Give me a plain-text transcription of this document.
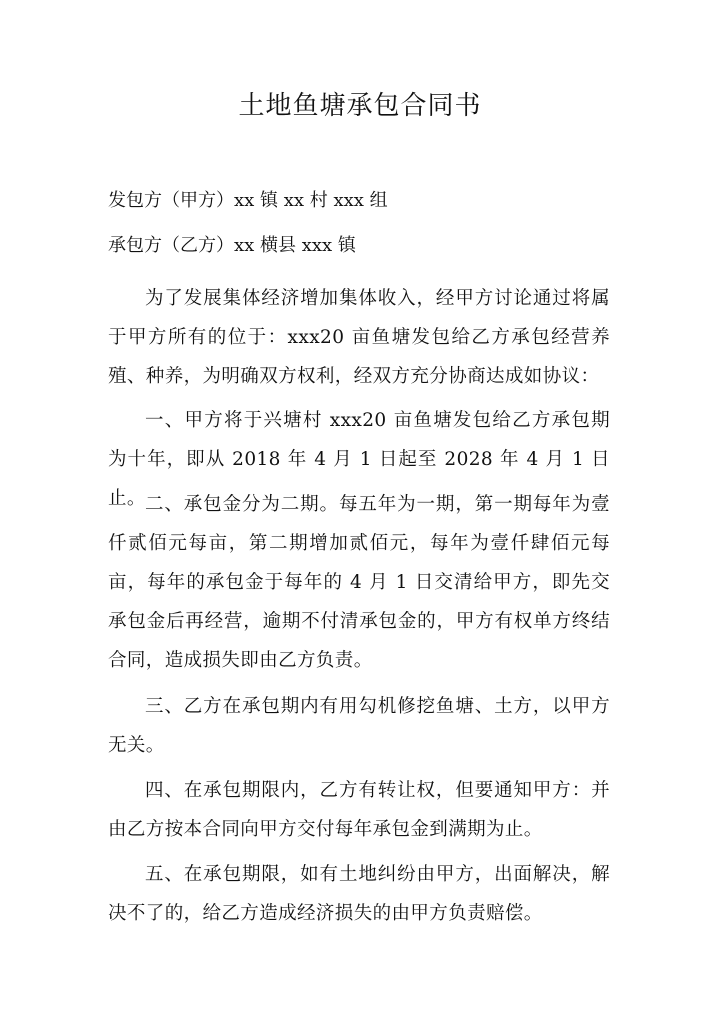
土地鱼塘承包合同书

发包方（甲方）xx 镇 xx 村 xxx 组

承包方（乙方）xx 横县 xxx 镇

为了发展集体经济增加集体收入，经甲方讨论通过将属于甲方所有的位于：xxx20 亩鱼塘发包给乙方承包经营养殖、种养，为明确双方权利，经双方充分协商达成如协议：

一、甲方将于兴塘村 xxx20 亩鱼塘发包给乙方承包期为十年，即从 2018 年 4 月 1 日起至 2028 年 4 月 1 日止。 二、承包金分为二期。每五年为一期，第一期每年为壹仟贰佰元每亩，第二期增加贰佰元，每年为壹仟肆佰元每亩，每年的承包金于每年的 4 月 1 日交清给甲方，即先交承包金后再经营，逾期不付清承包金的，甲方有权单方终结合同，造成损失即由乙方负责。

三、乙方在承包期内有用勾机修挖鱼塘、土方，以甲方无关。

四、在承包期限内，乙方有转让权，但要通知甲方：并由乙方按本合同向甲方交付每年承包金到满期为止。

五、在承包期限，如有土地纠纷由甲方，出面解决，解决不了的，给乙方造成经济损失的由甲方负责赔偿。
